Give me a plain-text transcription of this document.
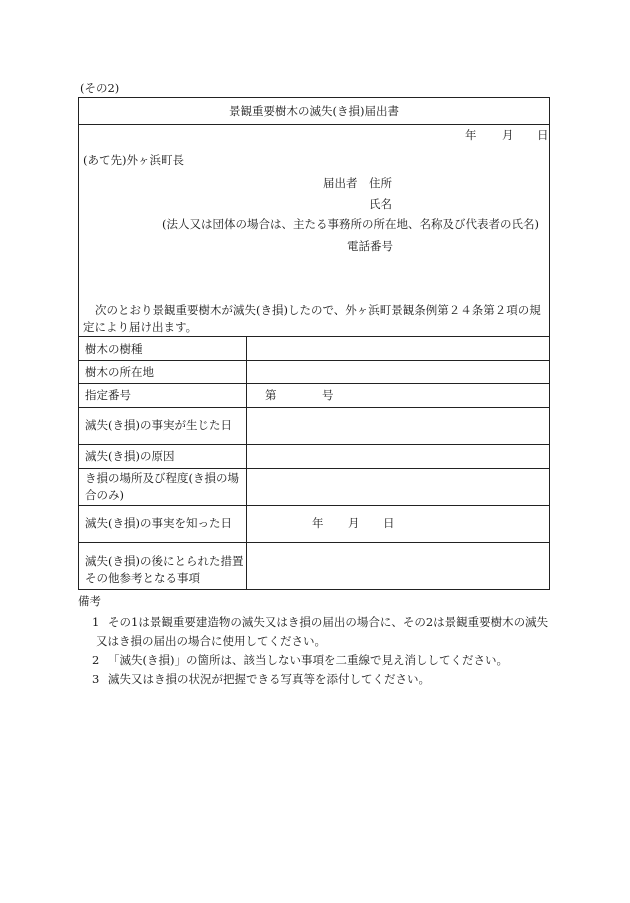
(その2)
景観重要樹木の滅失(き損)届出書
年 月 日
(あて先)外ヶ浜町長
届出者 住所
氏名
(法人又は団体の場合は、主たる事務所の所在地、名称及び代表者の氏名)
電話番号
次のとおり景観重要樹木が滅失(き損)したので、外ヶ浜町景観条例第２４条第２項の規定により届け出ます。
樹木の樹種
樹木の所在地
指定番号	第	号
滅失(き損)の事実が生じた日
滅失(き損)の原因
き損の場所及び程度(き損の場合のみ)
滅失(き損)の事実を知った日	年 月 日
滅失(き損)の後にとられた措置その他参考となる事項
備考
1 その1は景観重要建造物の滅失又はき損の届出の場合に、その2は景観重要樹木の滅失
又はき損の届出の場合に使用してください。
2 「滅失(き損)」の箇所は、該当しない事項を二重線で見え消ししてください。
3 滅失又はき損の状況が把握できる写真等を添付してください。
